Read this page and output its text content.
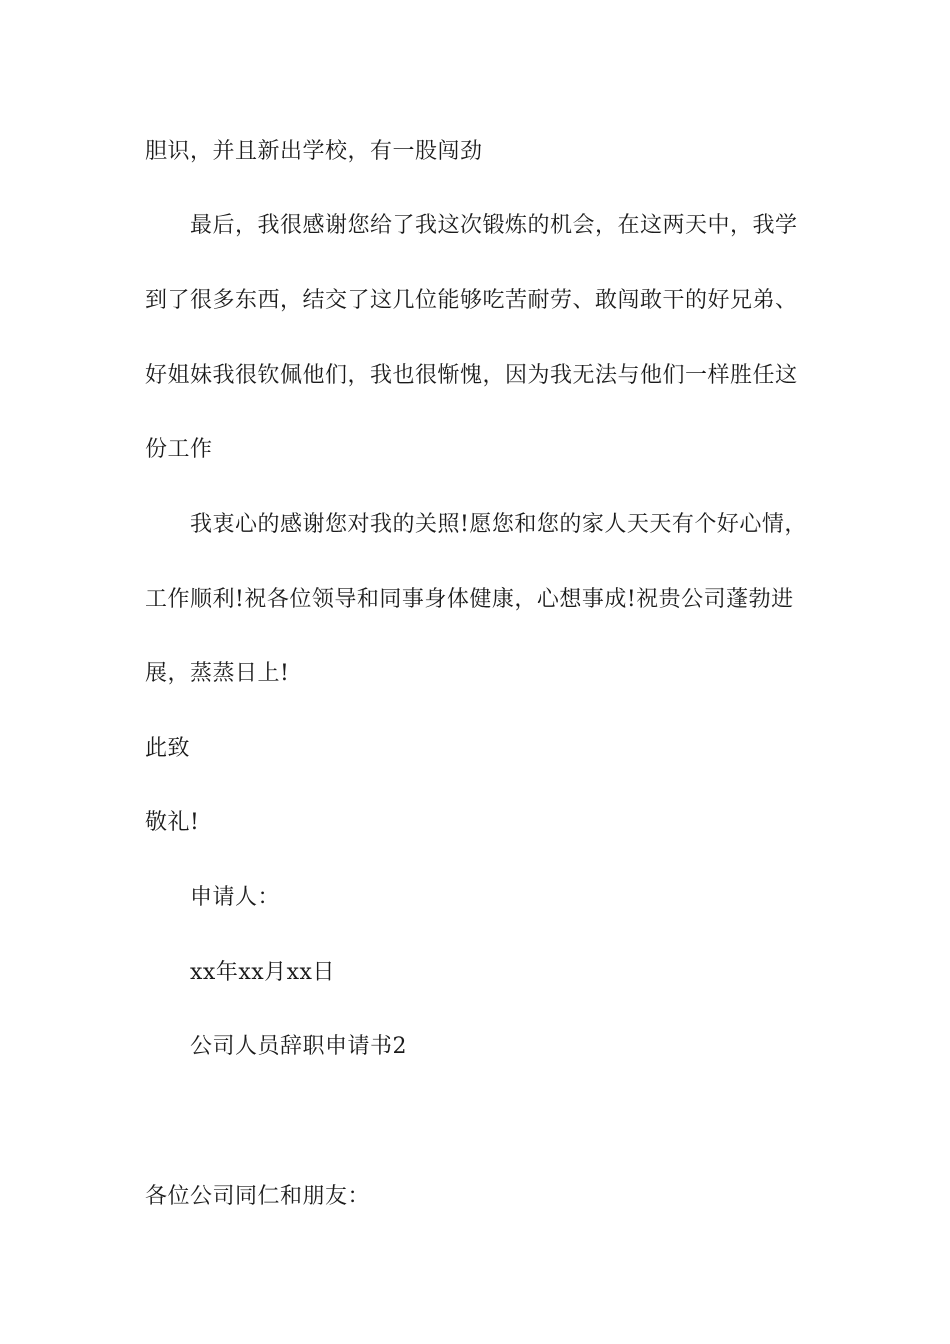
胆识，并且新出学校，有一股闯劲
最后，我很感谢您给了我这次锻炼的机会，在这两天中，我学
到了很多东西，结交了这几位能够吃苦耐劳、敢闯敢干的好兄弟、
好姐妹我很钦佩他们，我也很惭愧，因为我无法与他们一样胜任这
份工作
我衷心的感谢您对我的关照!愿您和您的家人天天有个好心情，
工作顺利!祝各位领导和同事身体健康，心想事成!祝贵公司蓬勃进
展，蒸蒸日上!
此致
敬礼!
申请人：
xx年xx月xx日
公司人员辞职申请书2
各位公司同仁和朋友：
